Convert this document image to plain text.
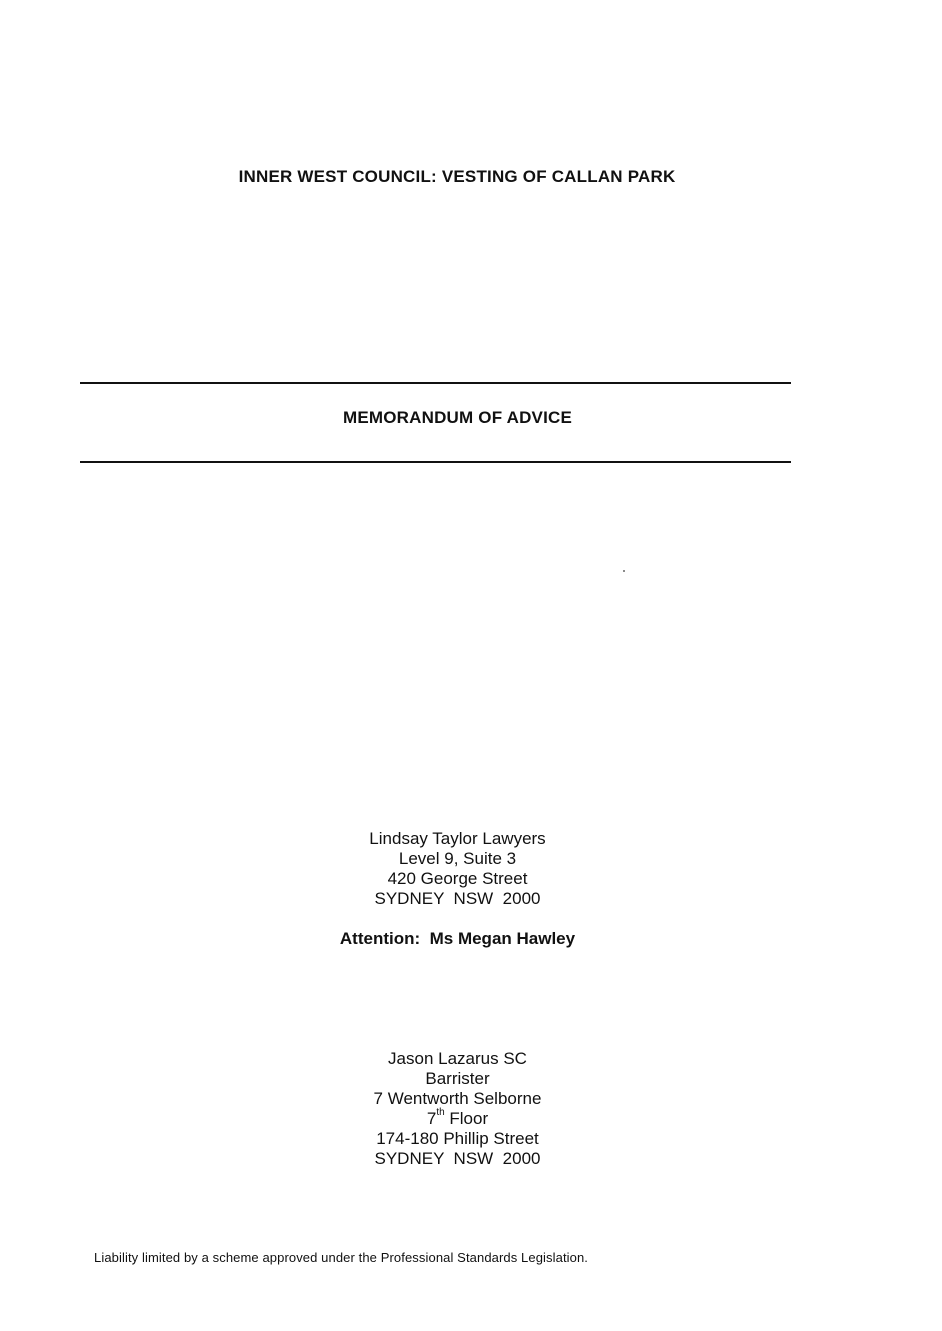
INNER WEST COUNCIL: VESTING OF CALLAN PARK
MEMORANDUM OF ADVICE
Lindsay Taylor Lawyers
Level 9, Suite 3
420 George Street
SYDNEY  NSW  2000
Attention:  Ms Megan Hawley
Jason Lazarus SC
Barrister
7 Wentworth Selborne
7th Floor
174-180 Phillip Street
SYDNEY  NSW  2000
Liability limited by a scheme approved under the Professional Standards Legislation.
